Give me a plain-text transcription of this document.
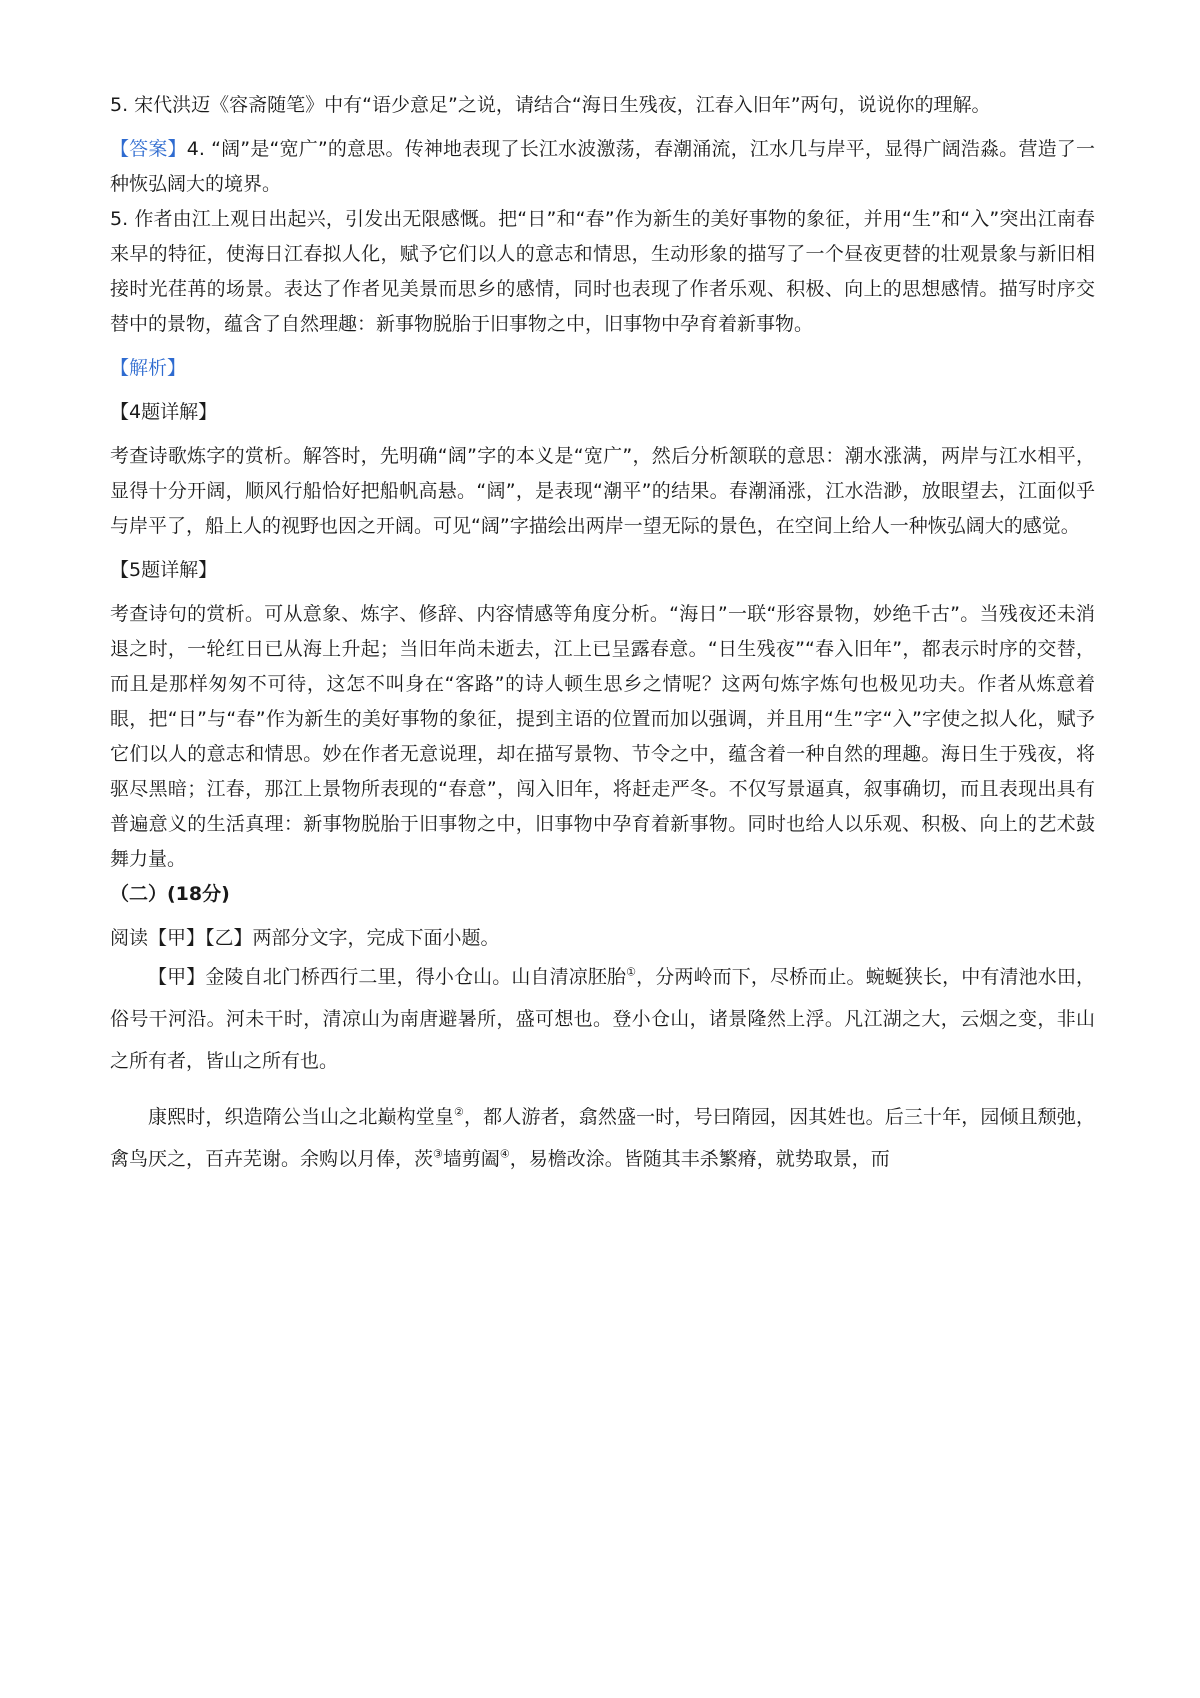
5. 宋代洪迈《容斋随笔》中有“语少意足”之说，请结合“海日生残夜，江春入旧年”两句，说说你的理解。

【答案】4. “阔”是“宽广”的意思。传神地表现了长江水波激荡，春潮涌流，江水几与岸平，显得广阔浩淼。营造了一种恢弘阔大的境界。

5. 作者由江上观日出起兴，引发出无限感慨。把“日”和“春”作为新生的美好事物的象征，并用“生”和“入”突出江南春来早的特征，使海日江春拟人化，赋予它们以人的意志和情思，生动形象的描写了一个昼夜更替的壮观景象与新旧相接时光荏苒的场景。表达了作者见美景而思乡的感情，同时也表现了作者乐观、积极、向上的思想感情。描写时序交替中的景物，蕴含了自然理趣：新事物脱胎于旧事物之中，旧事物中孕育着新事物。

【解析】

【4题详解】

考查诗歌炼字的赏析。解答时，先明确“阔”字的本义是“宽广”，然后分析颔联的意思：潮水涨满，两岸与江水相平，显得十分开阔，顺风行船恰好把船帆高悬。“阔”，是表现“潮平”的结果。春潮涌涨，江水浩渺，放眼望去，江面似乎与岸平了，船上人的视野也因之开阔。可见“阔”字描绘出两岸一望无际的景色，在空间上给人一种恢弘阔大的感觉。

【5题详解】

考查诗句的赏析。可从意象、炼字、修辞、内容情感等角度分析。“海日”一联“形容景物，妙绝千古”。当残夜还未消退之时，一轮红日已从海上升起；当旧年尚未逝去，江上已呈露春意。“日生残夜”“春入旧年”，都表示时序的交替，而且是那样匆匆不可待，这怎不叫身在“客路”的诗人顿生思乡之情呢？这两句炼字炼句也极见功夫。作者从炼意着眼，把“日”与“春”作为新生的美好事物的象征，提到主语的位置而加以强调，并且用“生”字“入”字使之拟人化，赋予它们以人的意志和情思。妙在作者无意说理，却在描写景物、节令之中，蕴含着一种自然的理趣。海日生于残夜，将驱尽黑暗；江春，那江上景物所表现的“春意”，闯入旧年，将赶走严冬。不仅写景逼真，叙事确切，而且表现出具有普遍意义的生活真理：新事物脱胎于旧事物之中，旧事物中孕育着新事物。同时也给人以乐观、积极、向上的艺术鼓舞力量。

（二）(18分)

阅读【甲】【乙】两部分文字，完成下面小题。

【甲】金陵自北门桥西行二里，得小仓山。山自清凉胚胎①，分两岭而下，尽桥而止。蜿蜒狭长，中有清池水田，俗号干河沿。河未干时，清凉山为南唐避暑所，盛可想也。登小仓山，诸景隆然上浮。凡江湖之大，云烟之变，非山之所有者，皆山之所有也。

康熙时，织造隋公当山之北巅构堂皇②，都人游者，翕然盛一时，号曰隋园，因其姓也。后三十年，园倾且颓弛，禽鸟厌之，百卉芜谢。余购以月俸，茨③墙剪阖④，易檐改涂。皆随其丰杀繁瘠，就势取景，而
